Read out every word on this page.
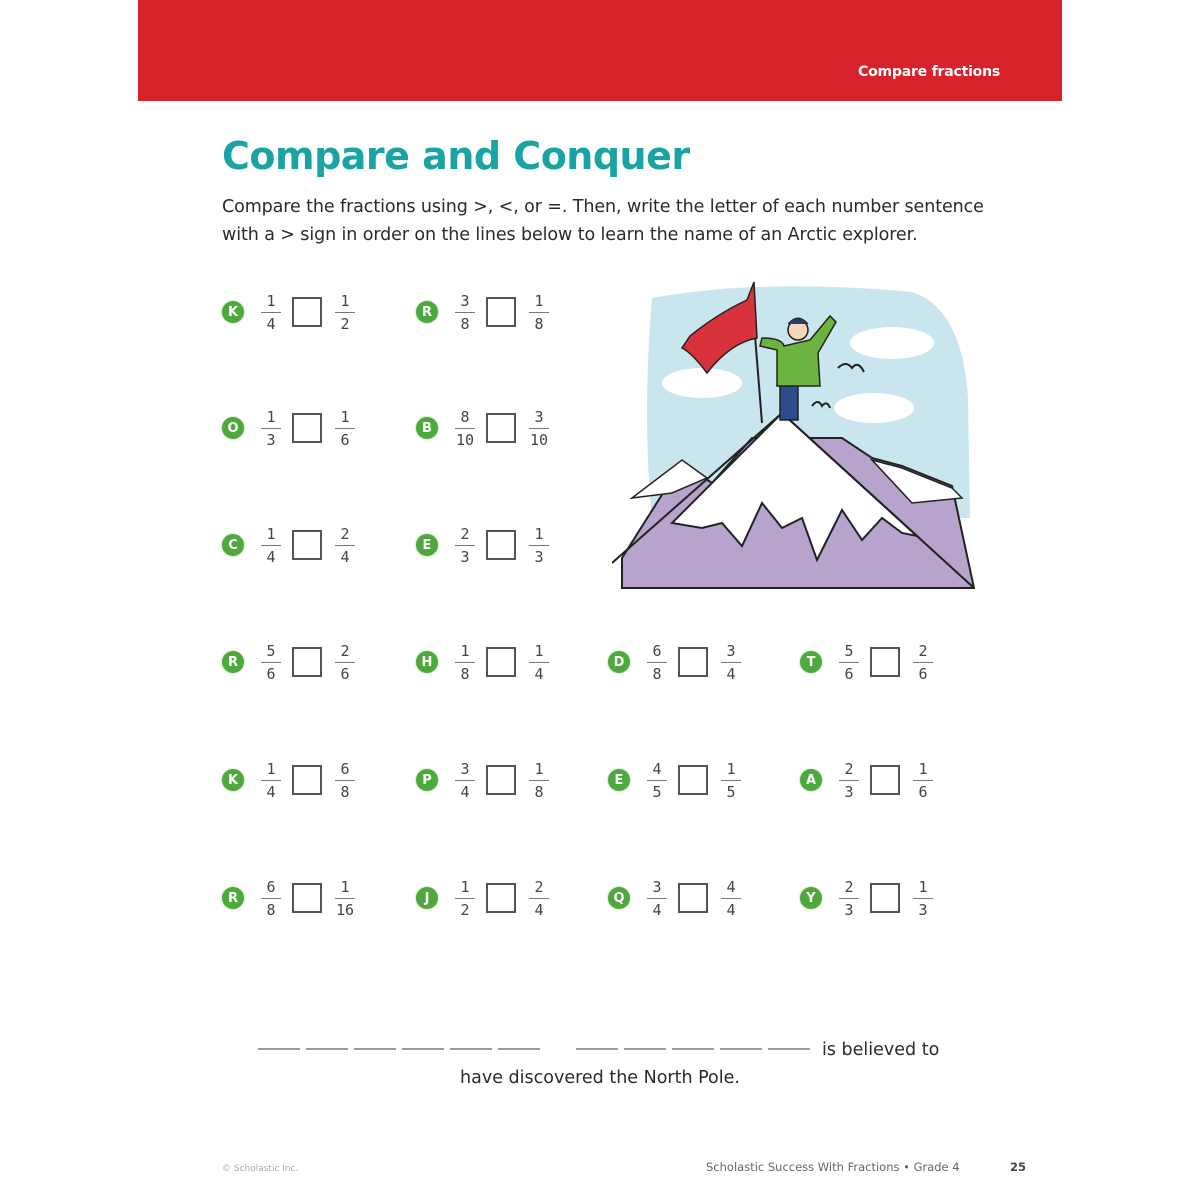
Compare fractions
Compare and Conquer

Compare the fractions using >, <, or =. Then, write the letter of each number sentence with a > sign in order on the lines below to learn the name of an Arctic explorer.

K $\frac{1}{4}$	$\frac{1}{2}$	R $\frac{3}{8}$	$\frac{1}{8}$
O $\frac{1}{3}$	$\frac{1}{6}$	B $\frac{8}{10}$	$\frac{3}{10}$
C $\frac{1}{4}$	$\frac{2}{4}$	E $\frac{2}{3}$	$\frac{1}{3}$
R $\frac{5}{6}$	$\frac{2}{6}$	H $\frac{1}{8}$	$\frac{1}{4}$	D $\frac{6}{8}$	$\frac{3}{4}$	T $\frac{5}{6}$	$\frac{2}{6}$
K $\frac{1}{4}$	$\frac{6}{8}$	P $\frac{3}{4}$	$\frac{1}{8}$	E $\frac{4}{5}$	$\frac{1}{5}$	A $\frac{2}{3}$	$\frac{1}{6}$
R $\frac{6}{8}$	$\frac{1}{16}$	J $\frac{1}{2}$	$\frac{2}{4}$	Q $\frac{3}{4}$	$\frac{4}{4}$	Y $\frac{2}{3}$	$\frac{1}{3}$
is believed to
have discovered the North Pole.
© Scholastic Inc.	Scholastic Success With Fractions • Grade 4	25
